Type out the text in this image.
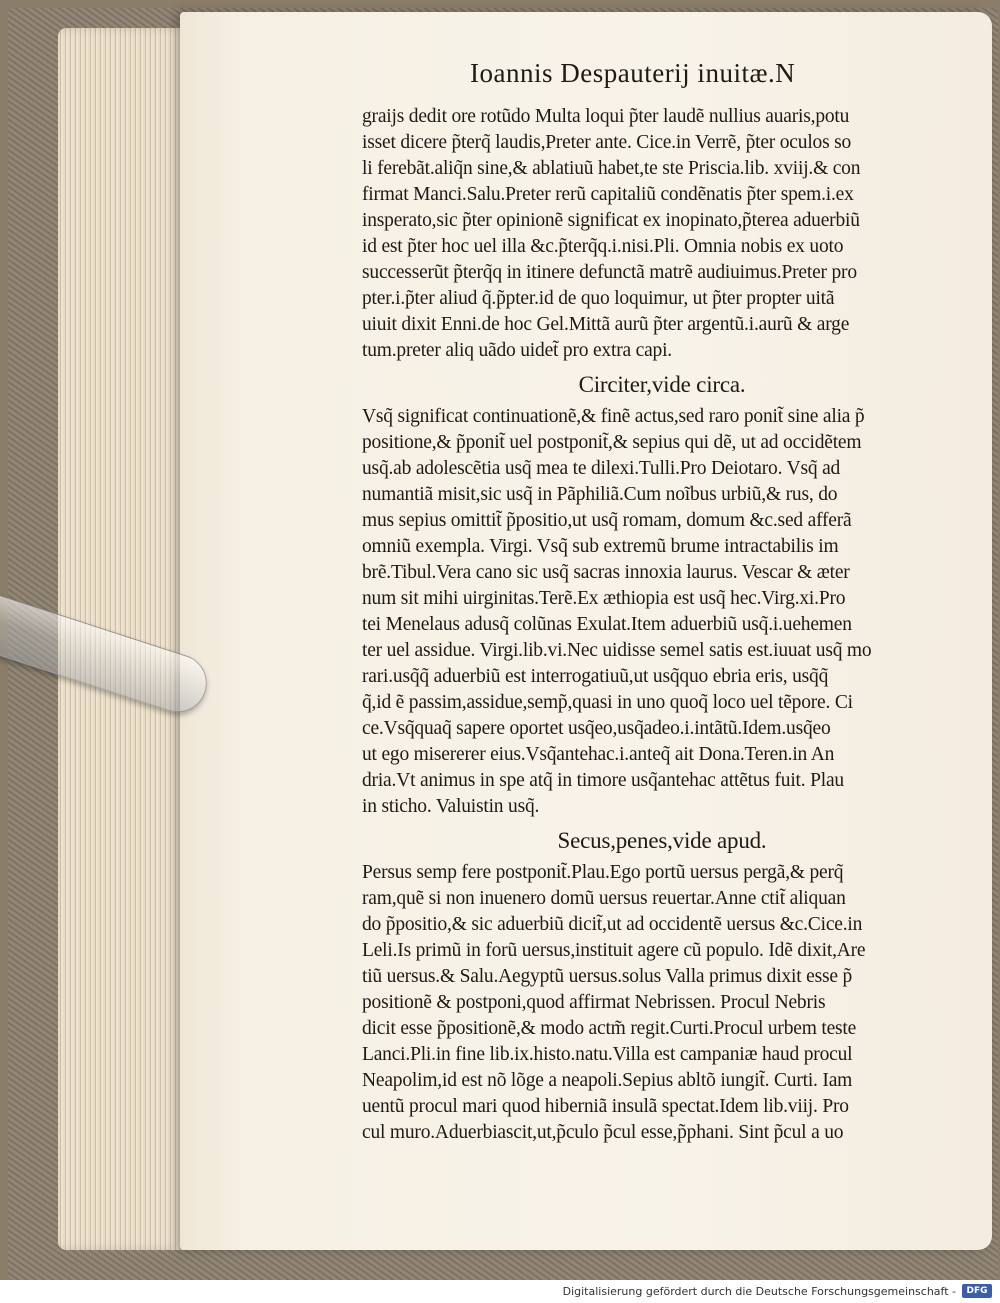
Ioannis Despauterij inuitæ.N
graijs dedit ore rotũdo Multa loqui p̃ter laudẽ nullius auaris,potu
isset dicere p̃terq̃ laudis,Preter ante. Cice.in Verrẽ, p̃ter oculos so
li ferebãt.aliq̃n sine,& ablatiuũ habet,te ste Priscia.lib. xviij.& con
firmat Manci.Salu.Preter rerũ capitaliũ condẽnatis p̃ter spem.i.ex
insperato,sic p̃ter opinionẽ significat ex inopinato,p̃terea aduerbiũ
id est p̃ter hoc uel illa &c.p̃terq̃q.i.nisi.Pli. Omnia nobis ex uoto
successerũt p̃terq̃q in itinere defunctã matrẽ audiuimus.Preter pro
pter.i.p̃ter aliud q̃.p̃pter.id de quo loquimur, ut p̃ter propter uitã
uiuit dixit Enni.de hoc Gel.Mittã aurũ p̃ter argentũ.i.aurũ & arge
tum.preter aliq uãdo uidet̃ pro extra capi.
Circiter,vide circa.
Vsq̃ significat continuationẽ,& finẽ actus,sed raro ponit̃ sine alia p̃
positione,& p̃ponit̃ uel postponit̃,& sepius qui dẽ, ut ad occidẽtem
usq̃.ab adolescẽtia usq̃ mea te dilexi.Tulli.Pro Deiotaro. Vsq̃ ad
numantiã misit,sic usq̃ in Pãphiliã.Cum noĩbus urbiũ,& rus, do
mus sepius omittit̃ p̃positio,ut usq̃ romam, domum &c.sed afferã
omniũ exempla. Virgi. Vsq̃ sub extremũ brume intractabilis im
brẽ.Tibul.Vera cano sic usq̃ sacras innoxia laurus. Vescar & æter
num sit mihi uirginitas.Terẽ.Ex æthiopia est usq̃ hec.Virg.xi.Pro
tei Menelaus adusq̃ colũnas Exulat.Item aduerbiũ usq̃.i.uehemen
ter uel assidue. Virgi.lib.vi.Nec uidisse semel satis est.iuuat usq̃ mo
rari.usq̃q̃ aduerbiũ est interrogatiuũ,ut usq̃quo ebria eris, usq̃q̃
q̃,id ẽ passim,assidue,semp̃,quasi in uno quoq̃ loco uel tẽpore. Ci
ce.Vsq̃quaq̃ sapere oportet usq̃eo,usq̃adeo.i.intãtũ.Idem.usq̃eo
ut ego misererer eius.Vsq̃antehac.i.anteq̃ ait Dona.Teren.in An
dria.Vt animus in spe atq̃ in timore usq̃antehac attẽtus fuit. Plau
in sticho. Valuistin usq̃.
Secus,penes,vide apud.
Persus semp fere postponit̃.Plau.Ego portũ uersus pergã,& perq̃
ram,quẽ si non inuenero domũ uersus reuertar.Anne ctit̃ aliquan
do p̃positio,& sic aduerbiũ dicit̃,ut ad occidentẽ uersus &c.Cice.in
Leli.Is primũ in forũ uersus,instituit agere cũ populo. Idẽ dixit,Are
tiũ uersus.& Salu.Aegyptũ uersus.solus Valla primus dixit esse p̃
positionẽ & postponi,quod affirmat Nebrissen. Procul Nebris
dicit esse p̃positionẽ,& modo actm̃ regit.Curti.Procul urbem teste
Lanci.Pli.in fine lib.ix.histo.natu.Villa est campaniæ haud procul
Neapolim,id est nõ lõge a neapoli.Sepius abltõ iungit̃. Curti. Iam
uentũ procul mari quod hiberniã insulã spectat.Idem lib.viij. Pro
cul muro.Aduerbiascit,ut,p̃culo p̃cul esse,p̃phani. Sint p̃cul a uo
Digitalisierung gefördert durch die Deutsche Forschungsgemeinschaft -	DFG
